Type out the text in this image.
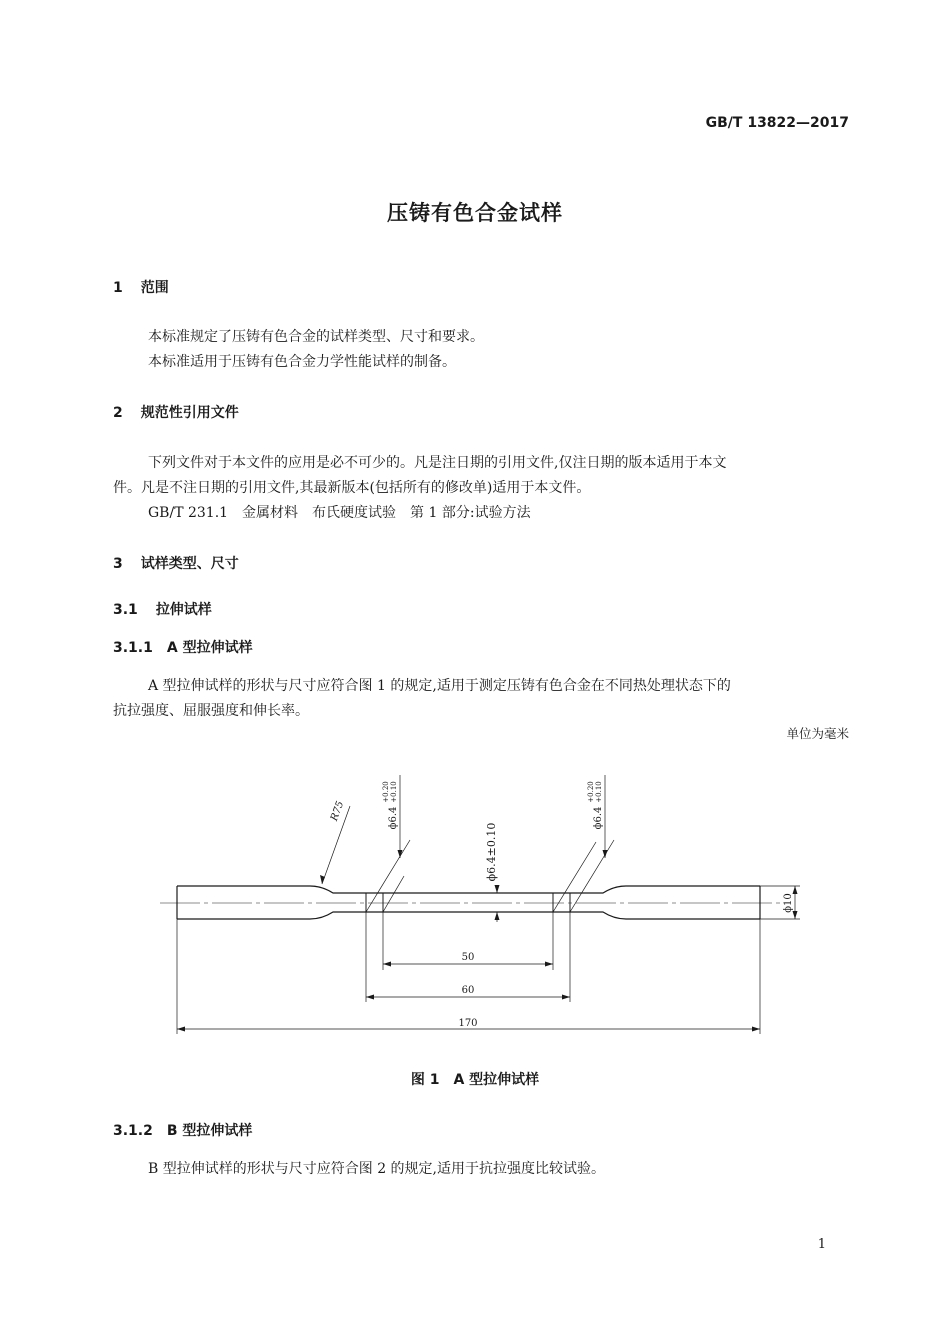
GB/T 13822—2017
压铸有色合金试样
1 范围
本标准规定了压铸有色合金的试样类型、尺寸和要求。
本标准适用于压铸有色合金力学性能试样的制备。
2 规范性引用文件
下列文件对于本文件的应用是必不可少的。凡是注日期的引用文件,仅注日期的版本适用于本文
件。凡是不注日期的引用文件,其最新版本(包括所有的修改单)适用于本文件。
GB/T 231.1　金属材料　布氏硬度试验　第 1 部分:试验方法
3 试样类型、尺寸
3.1 拉伸试样
3.1.1 A 型拉伸试样
A 型拉伸试样的形状与尺寸应符合图 1 的规定,适用于测定压铸有色合金在不同热处理状态下的
抗拉强度、屈服强度和伸长率。
单位为毫米
50
60
170
ϕ10
ϕ6.4±0.10
R75	ϕ6.4
+0.20 +0.10
ϕ6.4
+0.20 +0.10
图 1　A 型拉伸试样
3.1.2 B 型拉伸试样
B 型拉伸试样的形状与尺寸应符合图 2 的规定,适用于抗拉强度比较试验。
1
